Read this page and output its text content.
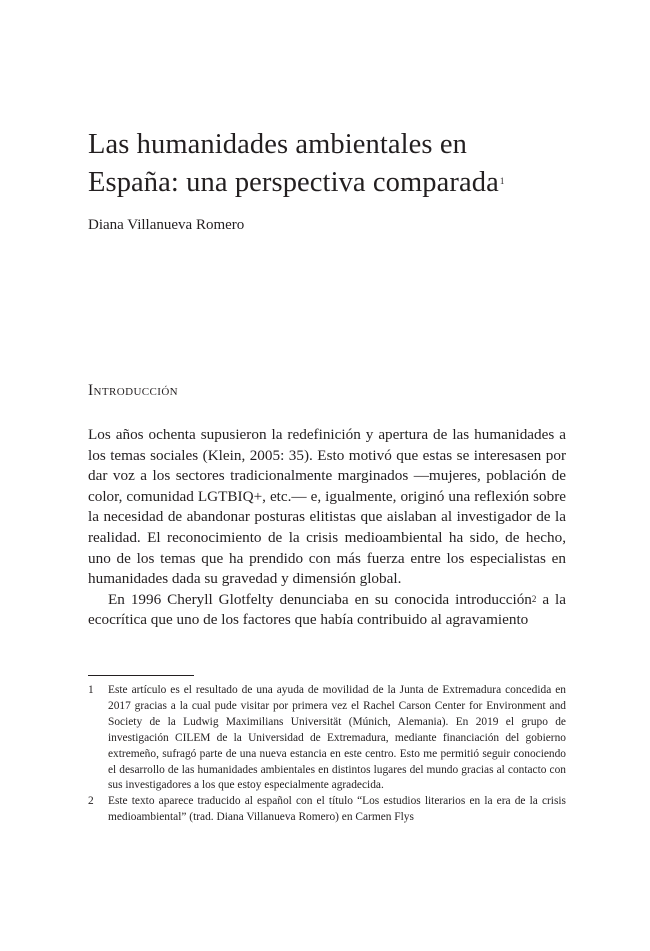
Las humanidades ambientales en
España: una perspectiva comparada$^1$
Diana Villanueva Romero
Introducción

Los años ochenta supusieron la redefinición y apertura de las humanidades a los temas sociales (Klein, 2005: 35). Esto motivó que estas se interesasen por dar voz a los sectores tradicionalmente marginados —mujeres, población de color, comunidad LGTBIQ+, etc.— e, igualmente, originó una reflexión sobre la necesidad de abandonar posturas elitistas que aislaban al investigador de la realidad. El reconocimiento de la crisis medioambiental ha sido, de hecho, uno de los temas que ha prendido con más fuerza entre los especialistas en humanidades dada su gravedad y dimensión global.

En 1996 Cheryll Glotfelty denunciaba en su conocida introducción$^2$ a la ecocrítica que uno de los factores que había contribuido al agravamiento

1 Este artículo es el resultado de una ayuda de movilidad de la Junta de Extremadura concedida en 2017 gracias a la cual pude visitar por primera vez el Rachel Carson Center for Environment and Society de la Ludwig Maximilians Universität (Múnich, Alemania). En 2019 el grupo de investigación CILEM de la Universidad de Extremadura, mediante financiación del gobierno extremeño, sufragó parte de una nueva estancia en este centro. Esto me permitió seguir conociendo el desarrollo de las humanidades ambientales en distintos lugares del mundo gracias al contacto con sus investigadores a los que estoy especialmente agradecida.
2 Este texto aparece traducido al español con el título “Los estudios literarios en la era de la crisis medioambiental” (trad. Diana Villanueva Romero) en Carmen Flys
